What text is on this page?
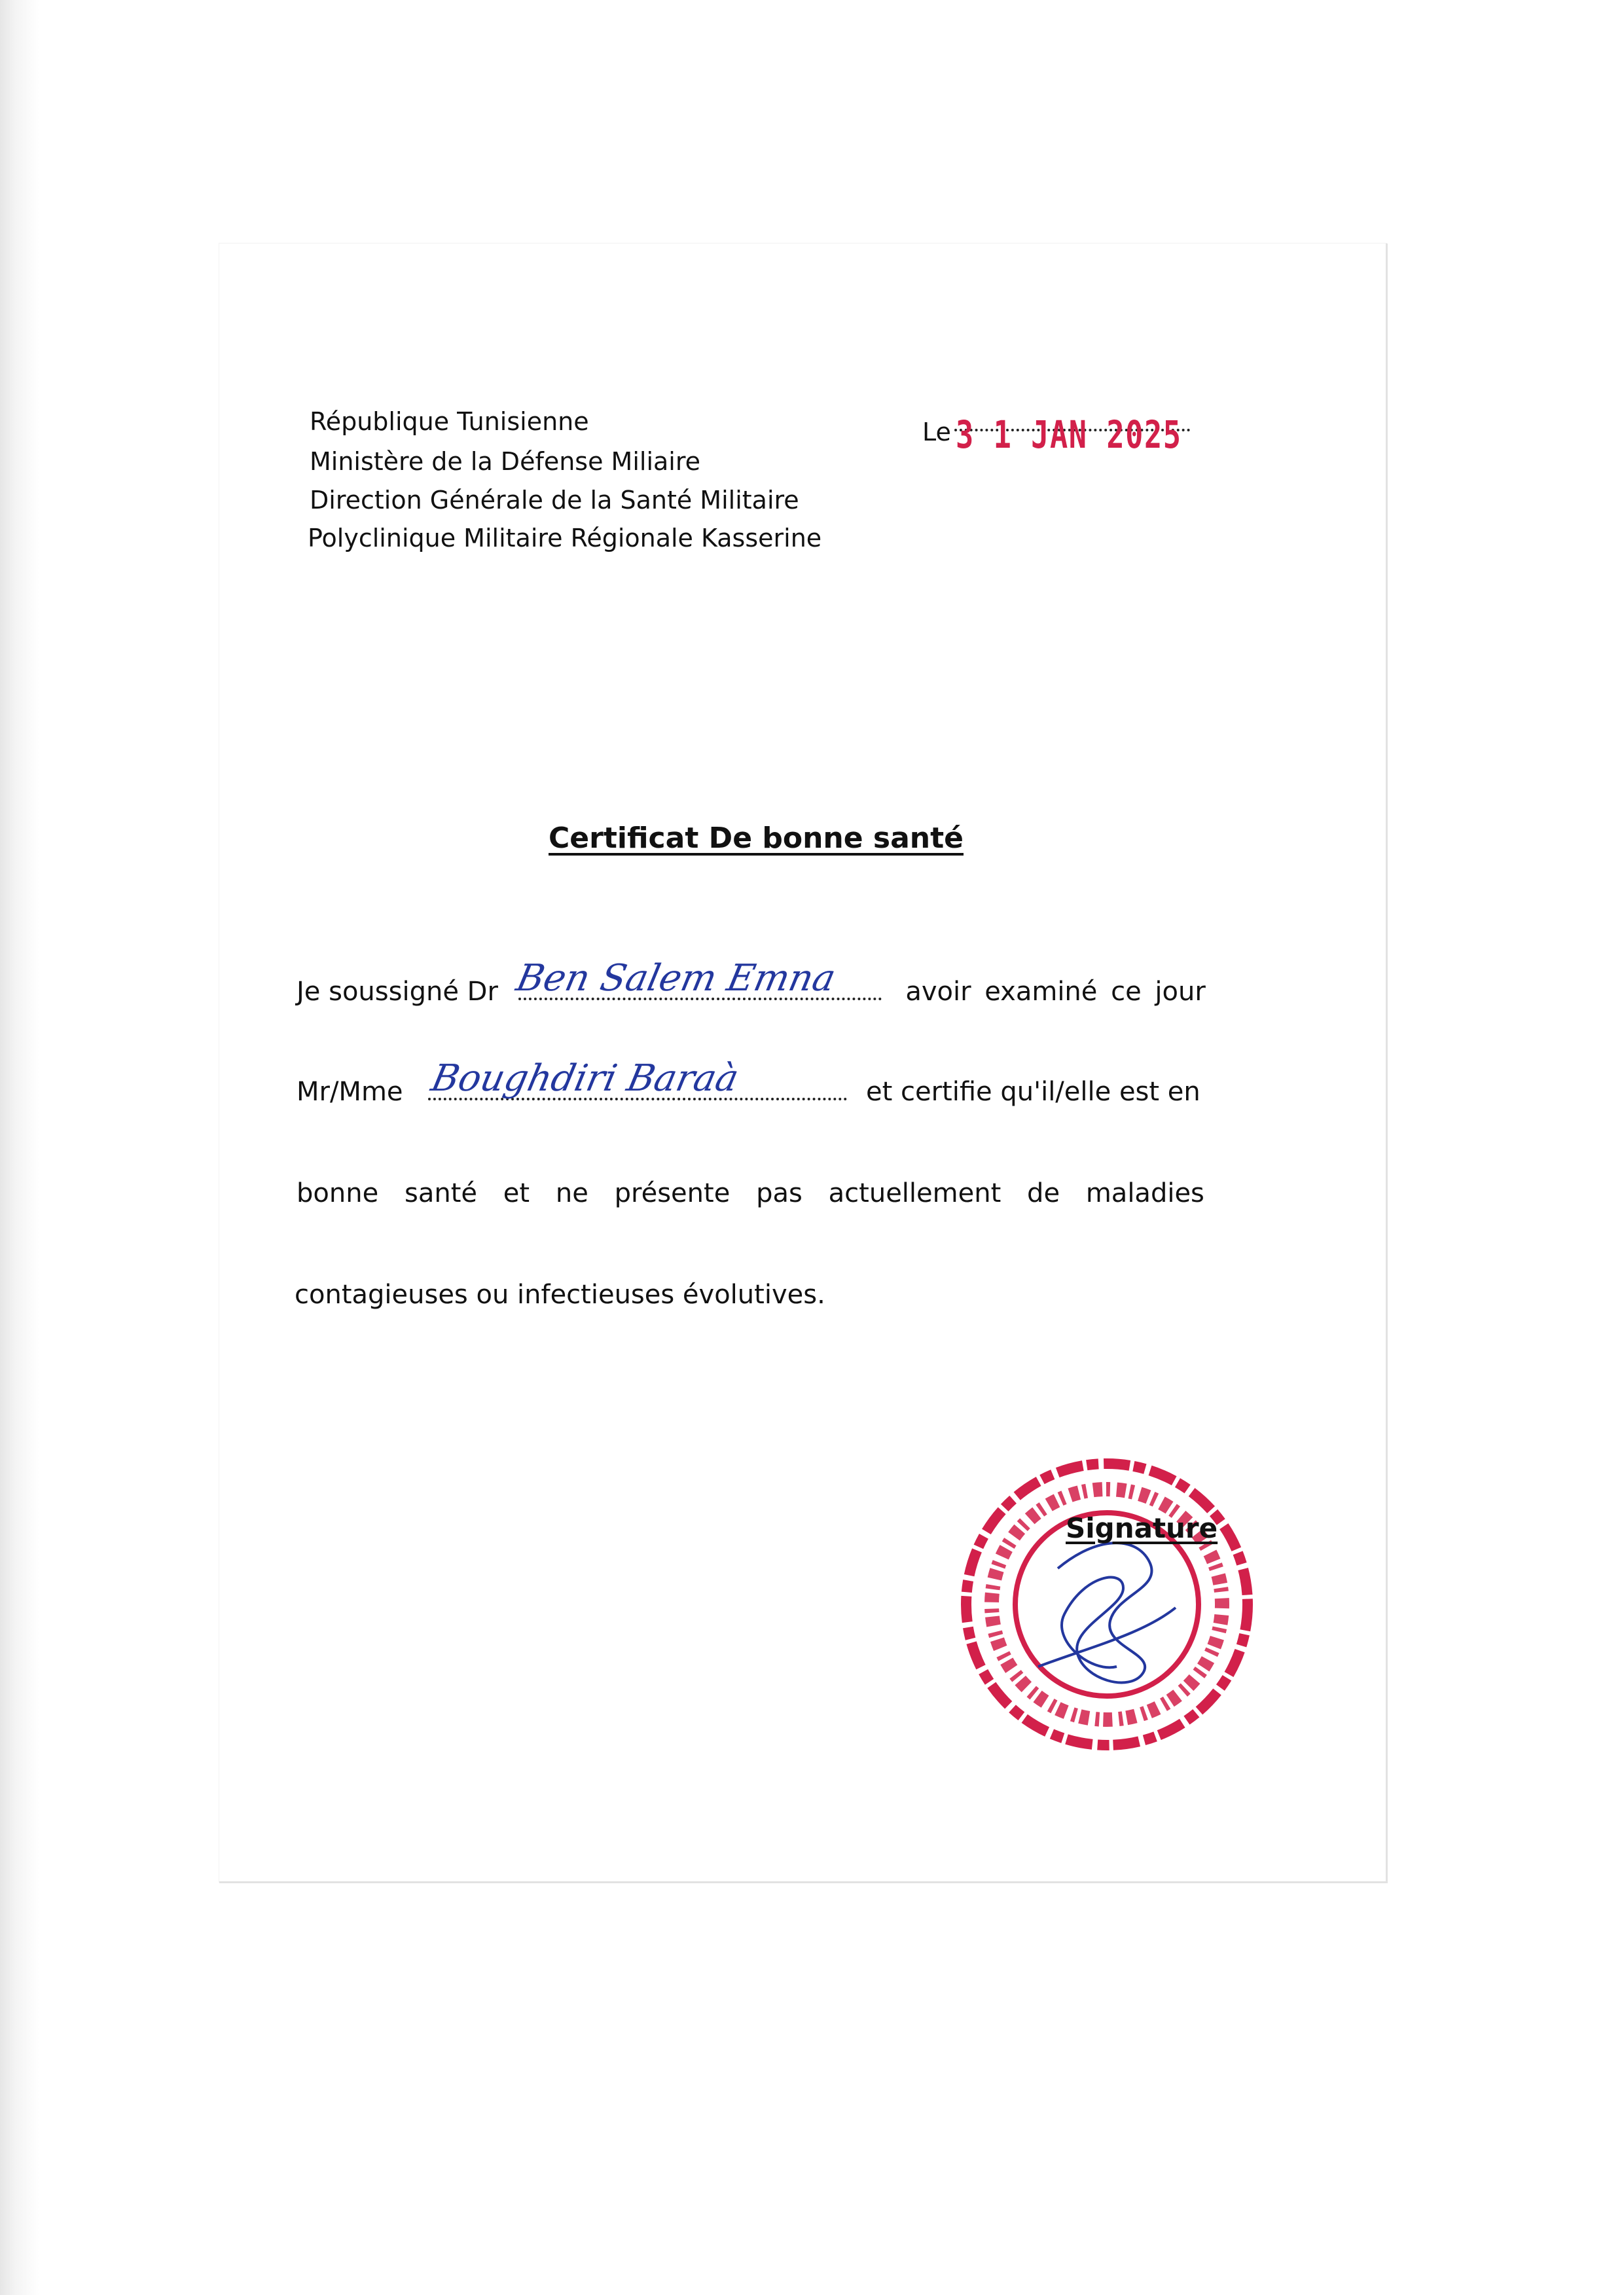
République Tunisienne
Ministère de la Défense Miliaire
Direction Générale de la Santé Militaire
Polyclinique Militaire Régionale Kasserine
Le 3 1 JAN 2025
Certificat De bonne santé
Je soussigné Dr	avoir examiné ce jour
Ben Salem Emna
Mr/Mme	et certifie qu'il/elle est en
Boughdiri Baraà
bonne santé et ne présente pas actuellement de maladies
contagieuses ou infectieuses évolutives.
Signature
